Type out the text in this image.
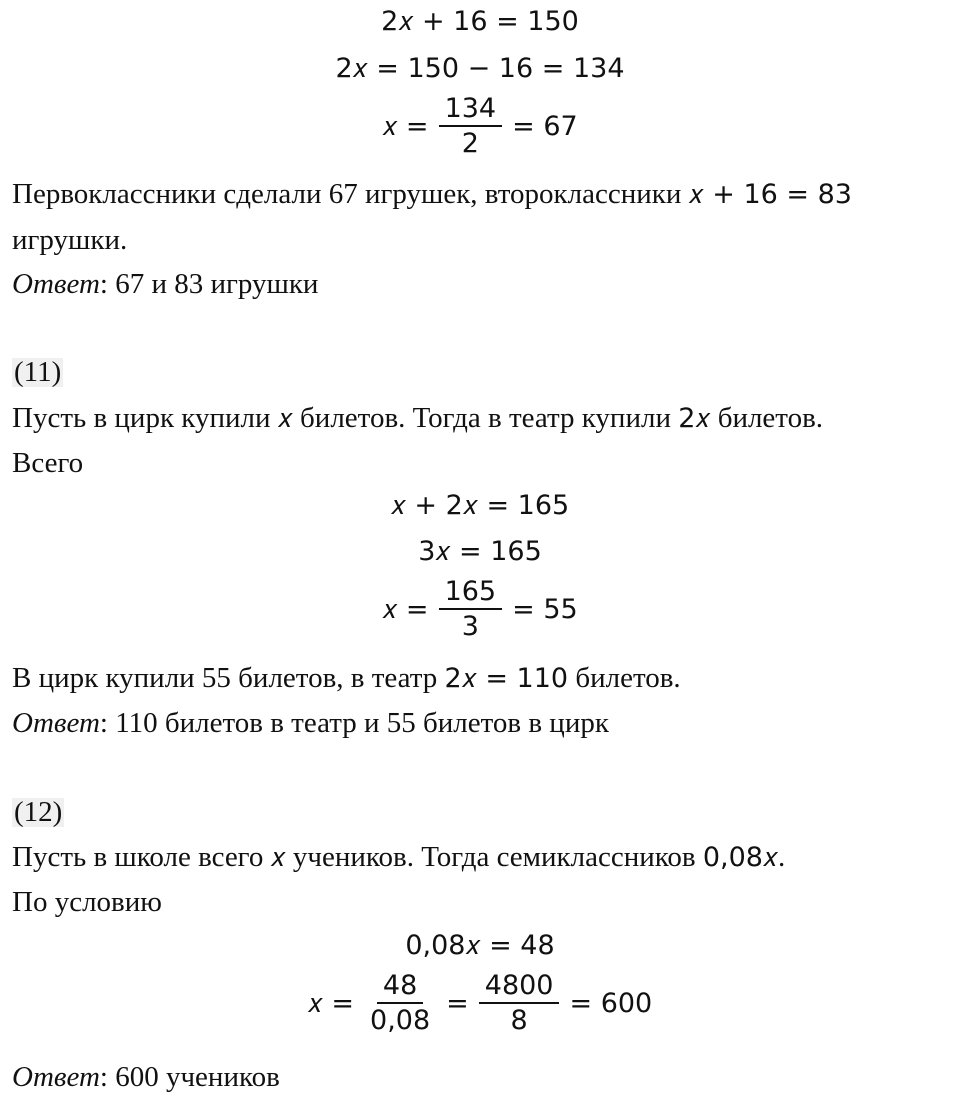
2𝑥 + 16 = 150
2𝑥 = 150 − 16 = 134
𝑥 = $\frac{134}{2} = 67$
Первоклассники сделали 67 игрушек, второклассники 𝑥 + 16 = 83
игрушки.
Ответ: 67 и 83 игрушки
(11)
Пусть в цирк купили 𝑥 билетов. Тогда в театр купили 2𝑥 билетов.
Всего
𝑥 + 2𝑥 = 165
3𝑥 = 165
𝑥 = $\frac{165}{3} = 55$
В цирк купили 55 билетов, в театр 2𝑥 = 110 билетов.
Ответ: 110 билетов в театр и 55 билетов в цирк
(12)
Пусть в школе всего 𝑥 учеников. Тогда семиклассников 0,08𝑥.
По условию
0,08𝑥 = 48
𝑥 = $\frac{48}{0,08} = \frac{4800}{8} = 600$
Ответ: 600 учеников
